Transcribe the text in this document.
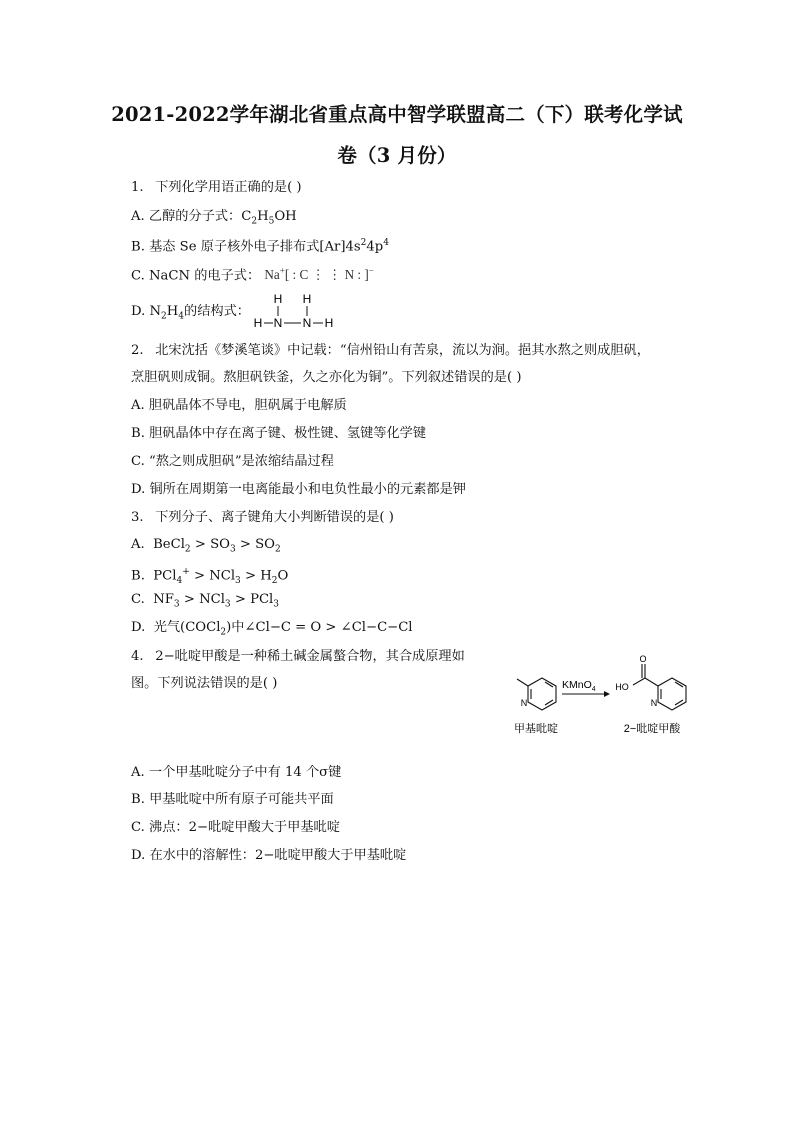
2021-2022学年湖北省重点高中智学联盟高二（下）联考化学试
卷（3 月份）
1. 下列化学用语正确的是( )
A. 乙醇的分子式：$C_2H_5OH$
B. 基态 Se 原子核外电子排布式$[Ar]4s^24p^4$
C. NaCN 的电子式： Na+[ : C ⋮ ⋮ N : ]−
D. $N_2H_4$的结构式：
H H
H N N H
2. 北宋沈括《梦溪笔谈》中记载：“信州铅山有苦泉，流以为涧。挹其水熬之则成胆矾，
烹胆矾则成铜。熬胆矾铁釜，久之亦化为铜”。下列叙述错误的是( )
A. 胆矾晶体不导电，胆矾属于电解质
B. 胆矾晶体中存在离子键、极性键、氢键等化学键
C. “熬之则成胆矾”是浓缩结晶过程
D. 铜所在周期第一电离能最小和电负性最小的元素都是钾
3. 下列分子、离子键角大小判断错误的是( )
A.  BeCl$_2$ > $SO_3 > SO_2$
B.  $PCl_4^+ > NCl_3 > H_2O$
C.  $NF_3 > NCl_3 > PCl_3$
D. 光气(COCl$_2$)中∠Cl−C = O > ∠Cl−C−Cl
4. 2−吡啶甲酸是一种稀土碱金属螯合物，其合成原理如
图。下列说法错误的是( )
N
甲基吡啶
KMnO$_4$
O
HO
N
2−吡啶甲酸
A. 一个甲基吡啶分子中有 14 个σ键
B. 甲基吡啶中所有原子可能共平面
C. 沸点：2−吡啶甲酸大于甲基吡啶
D. 在水中的溶解性：2−吡啶甲酸大于甲基吡啶
